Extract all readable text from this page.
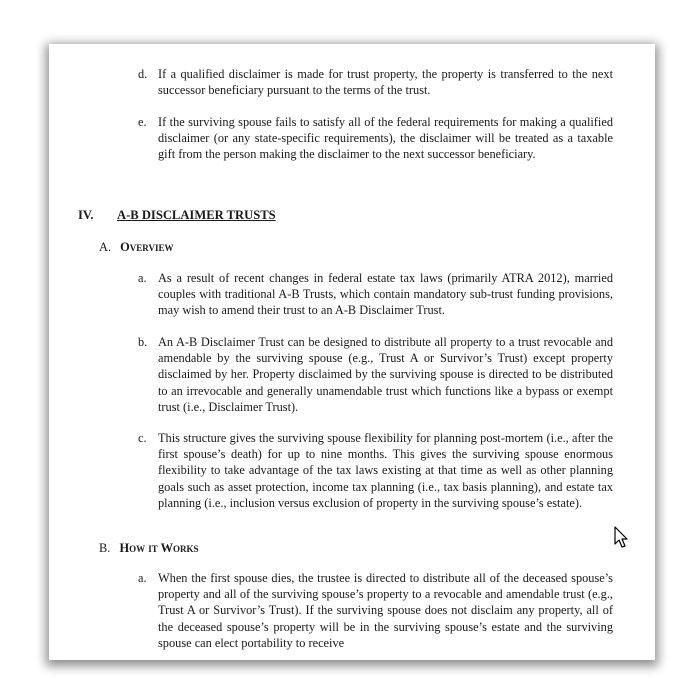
d. If a qualified disclaimer is made for trust property, the property is transferred to the next successor beneficiary pursuant to the terms of the trust.
e. If the surviving spouse fails to satisfy all of the federal requirements for making a qualified disclaimer (or any state-specific requirements), the disclaimer will be treated as a taxable gift from the person making the disclaimer to the next successor beneficiary.
IV. A-B DISCLAIMER TRUSTS
A. Overview
a. As a result of recent changes in federal estate tax laws (primarily ATRA 2012), married couples with traditional A-B Trusts, which contain mandatory sub-trust funding provisions, may wish to amend their trust to an A-B Disclaimer Trust.
b. An A-B Disclaimer Trust can be designed to distribute all property to a trust revocable and amendable by the surviving spouse (e.g., Trust A or Survivor’s Trust) except property disclaimed by her. Property disclaimed by the surviving spouse is directed to be distributed to an irrevocable and generally unamendable trust which functions like a bypass or exempt trust (i.e., Disclaimer Trust).
c. This structure gives the surviving spouse flexibility for planning post-mortem (i.e., after the first spouse’s death) for up to nine months. This gives the surviving spouse enormous flexibility to take advantage of the tax laws existing at that time as well as other planning goals such as asset protection, income tax planning (i.e., tax basis planning), and estate tax planning (i.e., inclusion versus exclusion of property in the surviving spouse’s estate).
B. How it Works
a. When the first spouse dies, the trustee is directed to distribute all of the deceased spouse’s property and all of the surviving spouse’s property to a revocable and amendable trust (e.g., Trust A or Survivor’s Trust). If the surviving spouse does not disclaim any property, all of the deceased spouse’s property will be in the surviving spouse’s estate and the surviving spouse can elect portability to receive
